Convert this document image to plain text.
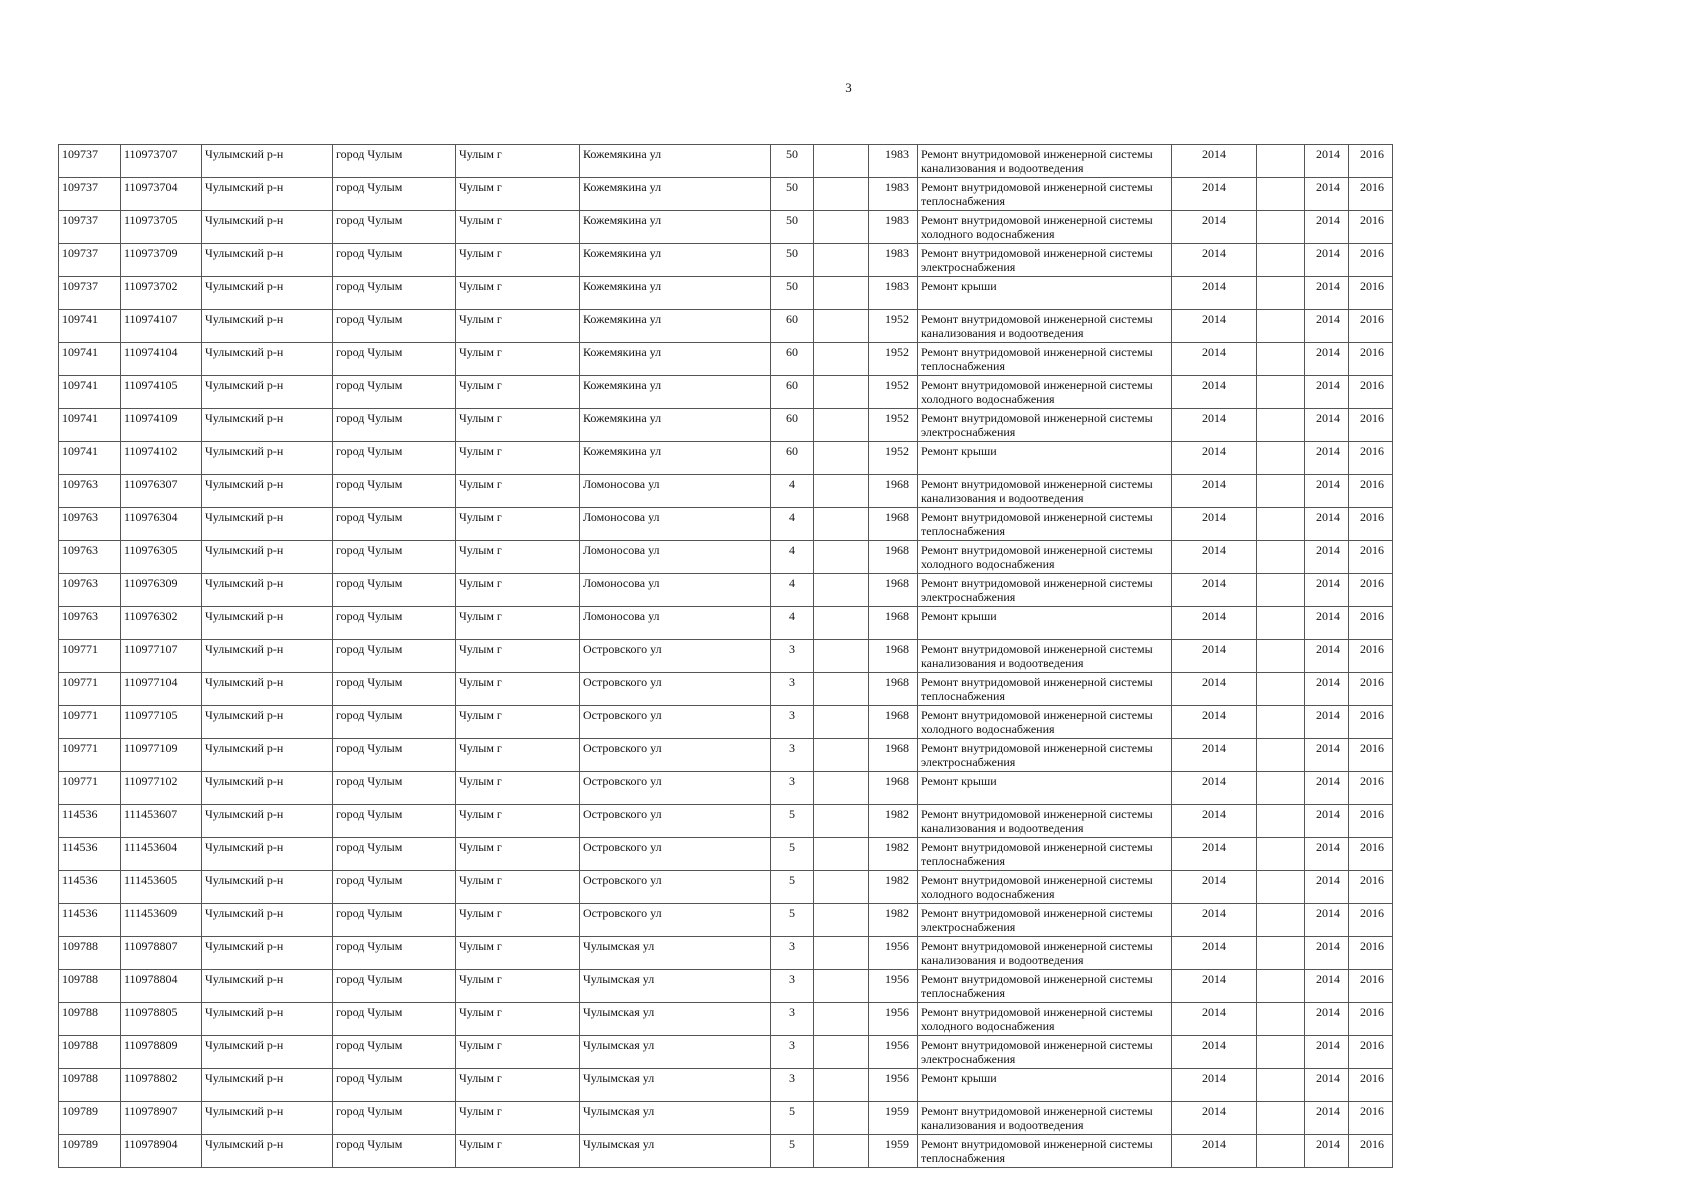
3
109737	110973707	Чулымский р-н	город Чулым	Чулым г	Кожемякина ул	50		1983	Ремонт внутридомовой инженерной системы канализования и водоотведения	2014		2014	2016
109737	110973704	Чулымский р-н	город Чулым	Чулым г	Кожемякина ул	50		1983	Ремонт внутридомовой инженерной системы теплоснабжения	2014		2014	2016
109737	110973705	Чулымский р-н	город Чулым	Чулым г	Кожемякина ул	50		1983	Ремонт внутридомовой инженерной системы холодного водоснабжения	2014		2014	2016
109737	110973709	Чулымский р-н	город Чулым	Чулым г	Кожемякина ул	50		1983	Ремонт внутридомовой инженерной системы электроснабжения	2014		2014	2016
109737	110973702	Чулымский р-н	город Чулым	Чулым г	Кожемякина ул	50		1983	Ремонт крыши	2014		2014	2016
109741	110974107	Чулымский р-н	город Чулым	Чулым г	Кожемякина ул	60		1952	Ремонт внутридомовой инженерной системы канализования и водоотведения	2014		2014	2016
109741	110974104	Чулымский р-н	город Чулым	Чулым г	Кожемякина ул	60		1952	Ремонт внутридомовой инженерной системы теплоснабжения	2014		2014	2016
109741	110974105	Чулымский р-н	город Чулым	Чулым г	Кожемякина ул	60		1952	Ремонт внутридомовой инженерной системы холодного водоснабжения	2014		2014	2016
109741	110974109	Чулымский р-н	город Чулым	Чулым г	Кожемякина ул	60		1952	Ремонт внутридомовой инженерной системы электроснабжения	2014		2014	2016
109741	110974102	Чулымский р-н	город Чулым	Чулым г	Кожемякина ул	60		1952	Ремонт крыши	2014		2014	2016
109763	110976307	Чулымский р-н	город Чулым	Чулым г	Ломоносова ул	4		1968	Ремонт внутридомовой инженерной системы канализования и водоотведения	2014		2014	2016
109763	110976304	Чулымский р-н	город Чулым	Чулым г	Ломоносова ул	4		1968	Ремонт внутридомовой инженерной системы теплоснабжения	2014		2014	2016
109763	110976305	Чулымский р-н	город Чулым	Чулым г	Ломоносова ул	4		1968	Ремонт внутридомовой инженерной системы холодного водоснабжения	2014		2014	2016
109763	110976309	Чулымский р-н	город Чулым	Чулым г	Ломоносова ул	4		1968	Ремонт внутридомовой инженерной системы электроснабжения	2014		2014	2016
109763	110976302	Чулымский р-н	город Чулым	Чулым г	Ломоносова ул	4		1968	Ремонт крыши	2014		2014	2016
109771	110977107	Чулымский р-н	город Чулым	Чулым г	Островского ул	3		1968	Ремонт внутридомовой инженерной системы канализования и водоотведения	2014		2014	2016
109771	110977104	Чулымский р-н	город Чулым	Чулым г	Островского ул	3		1968	Ремонт внутридомовой инженерной системы теплоснабжения	2014		2014	2016
109771	110977105	Чулымский р-н	город Чулым	Чулым г	Островского ул	3		1968	Ремонт внутридомовой инженерной системы холодного водоснабжения	2014		2014	2016
109771	110977109	Чулымский р-н	город Чулым	Чулым г	Островского ул	3		1968	Ремонт внутридомовой инженерной системы электроснабжения	2014		2014	2016
109771	110977102	Чулымский р-н	город Чулым	Чулым г	Островского ул	3		1968	Ремонт крыши	2014		2014	2016
114536	111453607	Чулымский р-н	город Чулым	Чулым г	Островского ул	5		1982	Ремонт внутридомовой инженерной системы канализования и водоотведения	2014		2014	2016
114536	111453604	Чулымский р-н	город Чулым	Чулым г	Островского ул	5		1982	Ремонт внутридомовой инженерной системы теплоснабжения	2014		2014	2016
114536	111453605	Чулымский р-н	город Чулым	Чулым г	Островского ул	5		1982	Ремонт внутридомовой инженерной системы холодного водоснабжения	2014		2014	2016
114536	111453609	Чулымский р-н	город Чулым	Чулым г	Островского ул	5		1982	Ремонт внутридомовой инженерной системы электроснабжения	2014		2014	2016
109788	110978807	Чулымский р-н	город Чулым	Чулым г	Чулымская ул	3		1956	Ремонт внутридомовой инженерной системы канализования и водоотведения	2014		2014	2016
109788	110978804	Чулымский р-н	город Чулым	Чулым г	Чулымская ул	3		1956	Ремонт внутридомовой инженерной системы теплоснабжения	2014		2014	2016
109788	110978805	Чулымский р-н	город Чулым	Чулым г	Чулымская ул	3		1956	Ремонт внутридомовой инженерной системы холодного водоснабжения	2014		2014	2016
109788	110978809	Чулымский р-н	город Чулым	Чулым г	Чулымская ул	3		1956	Ремонт внутридомовой инженерной системы электроснабжения	2014		2014	2016
109788	110978802	Чулымский р-н	город Чулым	Чулым г	Чулымская ул	3		1956	Ремонт крыши	2014		2014	2016
109789	110978907	Чулымский р-н	город Чулым	Чулым г	Чулымская ул	5		1959	Ремонт внутридомовой инженерной системы канализования и водоотведения	2014		2014	2016
109789	110978904	Чулымский р-н	город Чулым	Чулым г	Чулымская ул	5		1959	Ремонт внутридомовой инженерной системы теплоснабжения	2014		2014	2016
